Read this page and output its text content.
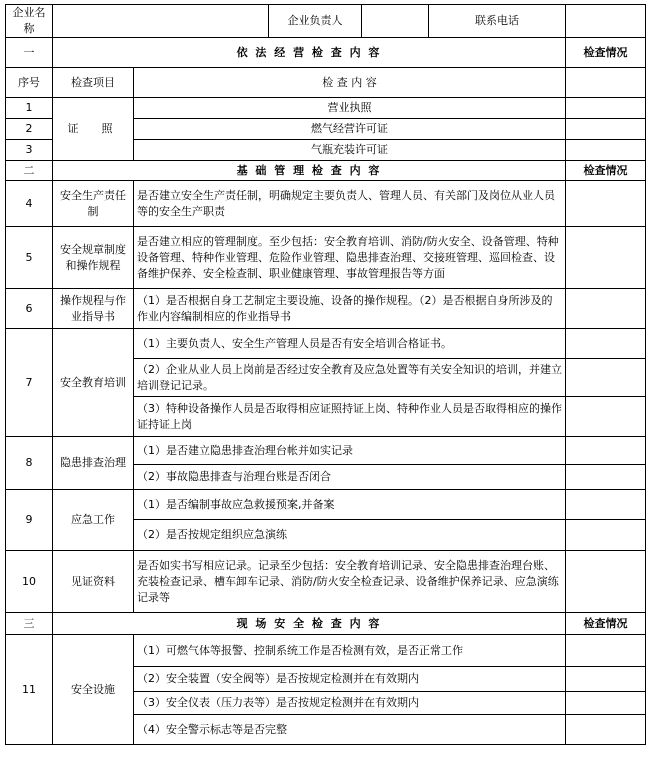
企业名称			企业负责人		联系电话	
一	依 法 经 营 检 查 内 容					检查情况
序号	检查项目	检 查 内 容				
1	证　照	营业执照				
2		燃气经营许可证				
3		气瓶充装许可证				
二	基 础 管 理 检 查 内 容					检查情况
4	安全生产责任制	是否建立安全生产责任制，明确规定主要负责人、管理人员、有关部门及岗位从业人员等的安全生产职责				
5	安全规章制度和操作规程	是否建立相应的管理制度。至少包括：安全教育培训、消防/防火安全、设备管理、特种设备管理、特种作业管理、危险作业管理、隐患排查治理、交接班管理、巡回检查、设备维护保养、安全检查制、职业健康管理、事故管理报告等方面				
6	操作规程与作业指导书	（1）是否根据自身工艺制定主要设施、设备的操作规程。（2）是否根据自身所涉及的作业内容编制相应的作业指导书				
7	安全教育培训	（1）主要负责人、安全生产管理人员是否有安全培训合格证书。				
		（2）企业从业人员上岗前是否经过安全教育及应急处置等有关安全知识的培训，并建立培训登记记录。				
		（3）特种设备操作人员是否取得相应证照持证上岗、特种作业人员是否取得相应的操作证持证上岗				
8	隐患排查治理	（1）是否建立隐患排查治理台帐并如实记录				
		（2）事故隐患排查与治理台账是否闭合				
9	应急工作	（1）是否编制事故应急救援预案,并备案				
		（2）是否按规定组织应急演练				
10	见证资料	是否如实书写相应记录。记录至少包括：安全教育培训记录、安全隐患排查治理台账、充装检查记录、槽车卸车记录、消防/防火安全检查记录、设备维护保养记录、应急演练记录等				
三	现 场 安 全 检 查 内 容					检查情况
11	安全设施	（1）可燃气体等报警、控制系统工作是否检测有效，是否正常工作				
		（2）安全装置（安全阀等）是否按规定检测并在有效期内				
		（3）安全仪表（压力表等）是否按规定检测并在有效期内				
		（4）安全警示标志等是否完整				
